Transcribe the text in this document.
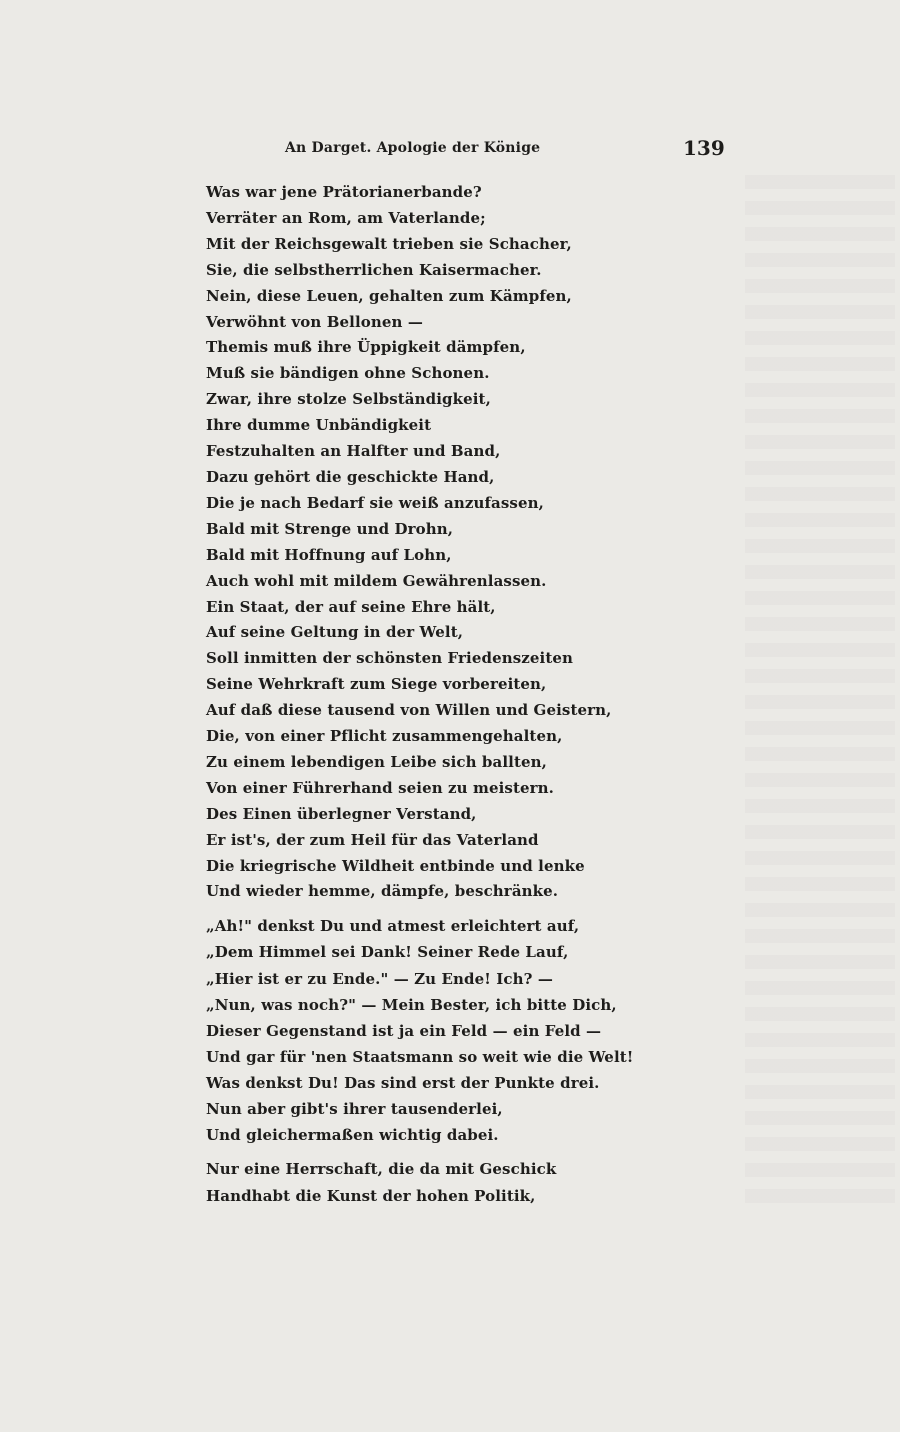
An Darget. Apologie der Könige	139
Was war jene Prätorianerbande?
Verräter an Rom, am Vaterlande;
Mit der Reichsgewalt trieben sie Schacher,
Sie, die selbstherrlichen Kaisermacher.
Nein, diese Leuen, gehalten zum Kämpfen,
Verwöhnt von Bellonen —
Themis muß ihre Üppigkeit dämpfen,
Muß sie bändigen ohne Schonen.
Zwar, ihre stolze Selbständigkeit,
Ihre dumme Unbändigkeit
Festzuhalten an Halfter und Band,
Dazu gehört die geschickte Hand,
Die je nach Bedarf sie weiß anzufassen,
Bald mit Strenge und Drohn,
Bald mit Hoffnung auf Lohn,
Auch wohl mit mildem Gewährenlassen.
Ein Staat, der auf seine Ehre hält,
Auf seine Geltung in der Welt,
Soll inmitten der schönsten Friedenszeiten
Seine Wehrkraft zum Siege vorbereiten,
Auf daß diese tausend von Willen und Geistern,
Die, von einer Pflicht zusammengehalten,
Zu einem lebendigen Leibe sich ballten,
Von einer Führerhand seien zu meistern.
Des Einen überlegner Verstand,
Er ist's, der zum Heil für das Vaterland
Die kriegrische Wildheit entbinde und lenke
Und wieder hemme, dämpfe, beschränke.
„Ah!" denkst Du und atmest erleichtert auf,
„Dem Himmel sei Dank! Seiner Rede Lauf,
„Hier ist er zu Ende." — Zu Ende! Ich? —
„Nun, was noch?" — Mein Bester, ich bitte Dich,
Dieser Gegenstand ist ja ein Feld — ein Feld —
Und gar für 'nen Staatsmann so weit wie die Welt!
Was denkst Du! Das sind erst der Punkte drei.
Nun aber gibt's ihrer tausenderlei,
Und gleichermaßen wichtig dabei.
Nur eine Herrschaft, die da mit Geschick
Handhabt die Kunst der hohen Politik,
